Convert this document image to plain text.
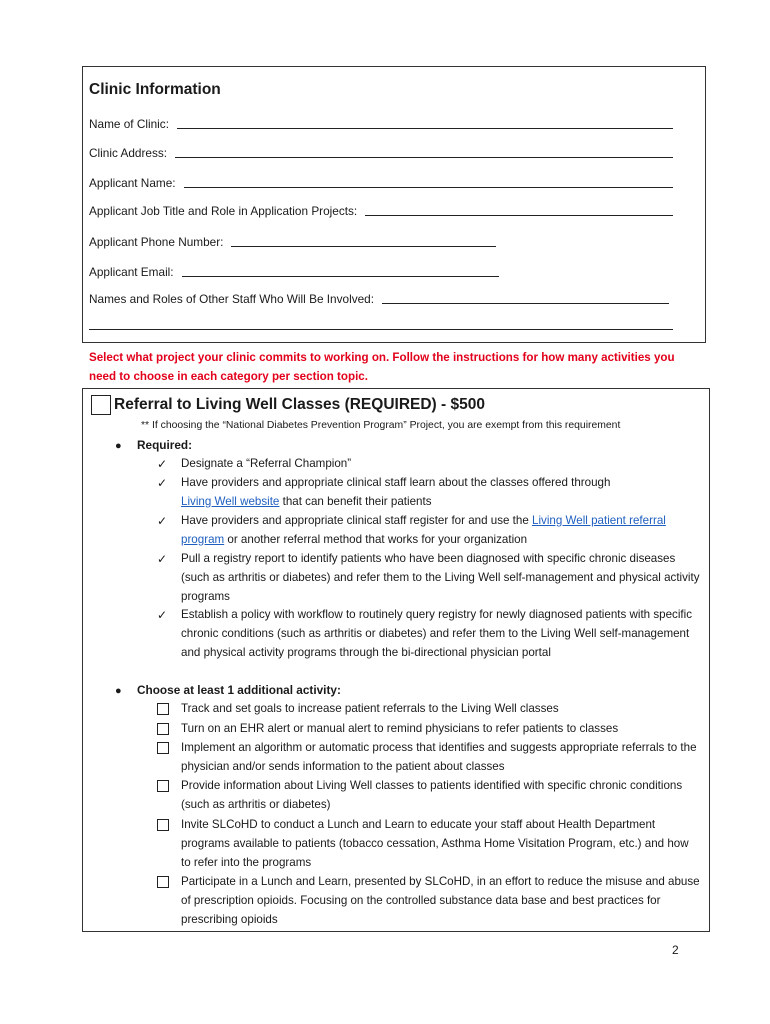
Clinic Information
Name of Clinic:
Clinic Address:
Applicant Name:
Applicant Job Title and Role in Application Projects:
Applicant Phone Number:
Applicant Email:
Names and Roles of Other Staff Who Will Be Involved:
Select what project your clinic commits to working on. Follow the instructions for how many activities you need to choose in each category per section topic.
Referral to Living Well Classes (REQUIRED) - $500
** If choosing the “National Diabetes Prevention Program” Project, you are exempt from this requirement
● Required:
✓ Designate a “Referral Champion”
✓ Have providers and appropriate clinical staff learn about the classes offered through
Living Well website that can benefit their patients
✓ Have providers and appropriate clinical staff register for and use the Living Well patient referral program or another referral method that works for your organization
✓ Pull a registry report to identify patients who have been diagnosed with specific chronic diseases (such as arthritis or diabetes) and refer them to the Living Well self-management and physical activity programs
✓ Establish a policy with workflow to routinely query registry for newly diagnosed patients with specific chronic conditions (such as arthritis or diabetes) and refer them to the Living Well self-management and physical activity programs through the bi-directional physician portal
● Choose at least 1 additional activity:
Track and set goals to increase patient referrals to the Living Well classes
Turn on an EHR alert or manual alert to remind physicians to refer patients to classes
Implement an algorithm or automatic process that identifies and suggests appropriate referrals to the physician and/or sends information to the patient about classes
Provide information about Living Well classes to patients identified with specific chronic conditions (such as arthritis or diabetes)
Invite SLCoHD to conduct a Lunch and Learn to educate your staff about Health Department programs available to patients (tobacco cessation, Asthma Home Visitation Program, etc.) and how to refer into the programs
Participate in a Lunch and Learn, presented by SLCoHD, in an effort to reduce the misuse and abuse of prescription opioids. Focusing on the controlled substance data base and best practices for prescribing opioids
2
